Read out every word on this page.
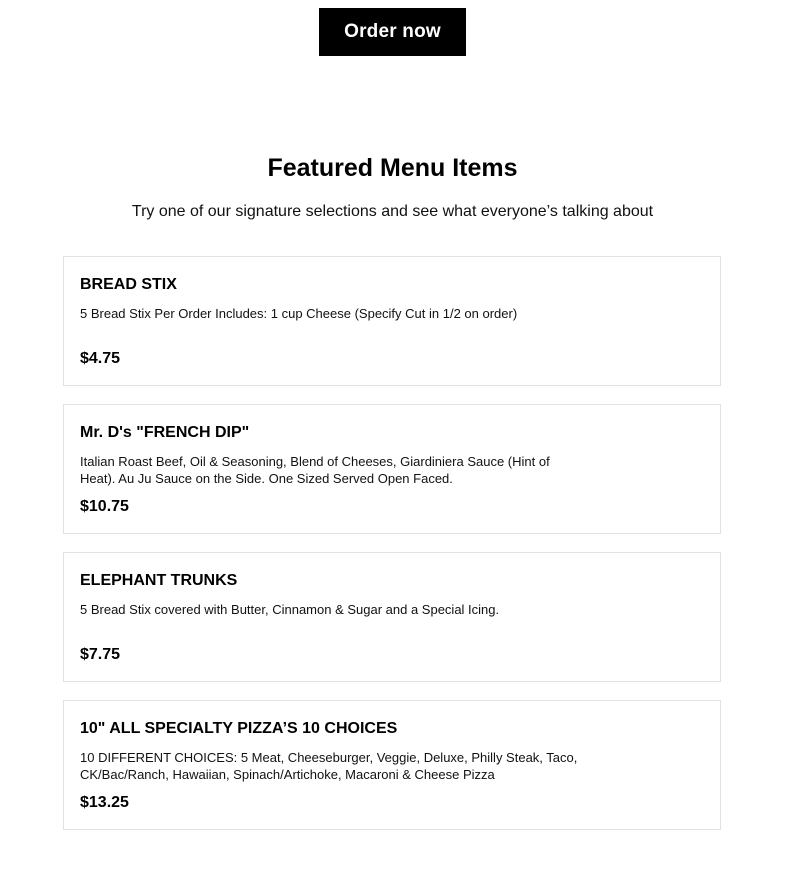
Order now
Featured Menu Items

Try one of our signature selections and see what everyone’s talking about

BREAD STIX

5 Bread Stix Per Order Includes: 1 cup Cheese (Specify Cut in 1/2 on order)

$4.75

Mr. D's "FRENCH DIP"

Italian Roast Beef, Oil & Seasoning, Blend of Cheeses, Giardiniera Sauce (Hint of Heat). Au Ju Sauce on the Side. One Sized Served Open Faced.

$10.75

ELEPHANT TRUNKS

5 Bread Stix covered with Butter, Cinnamon & Sugar and a Special Icing.

$7.75

10" ALL SPECIALTY PIZZA’S 10 CHOICES

10 DIFFERENT CHOICES: 5 Meat, Cheeseburger, Veggie, Deluxe, Philly Steak, Taco, CK/Bac/Ranch, Hawaiian, Spinach/Artichoke, Macaroni & Cheese Pizza

$13.25
